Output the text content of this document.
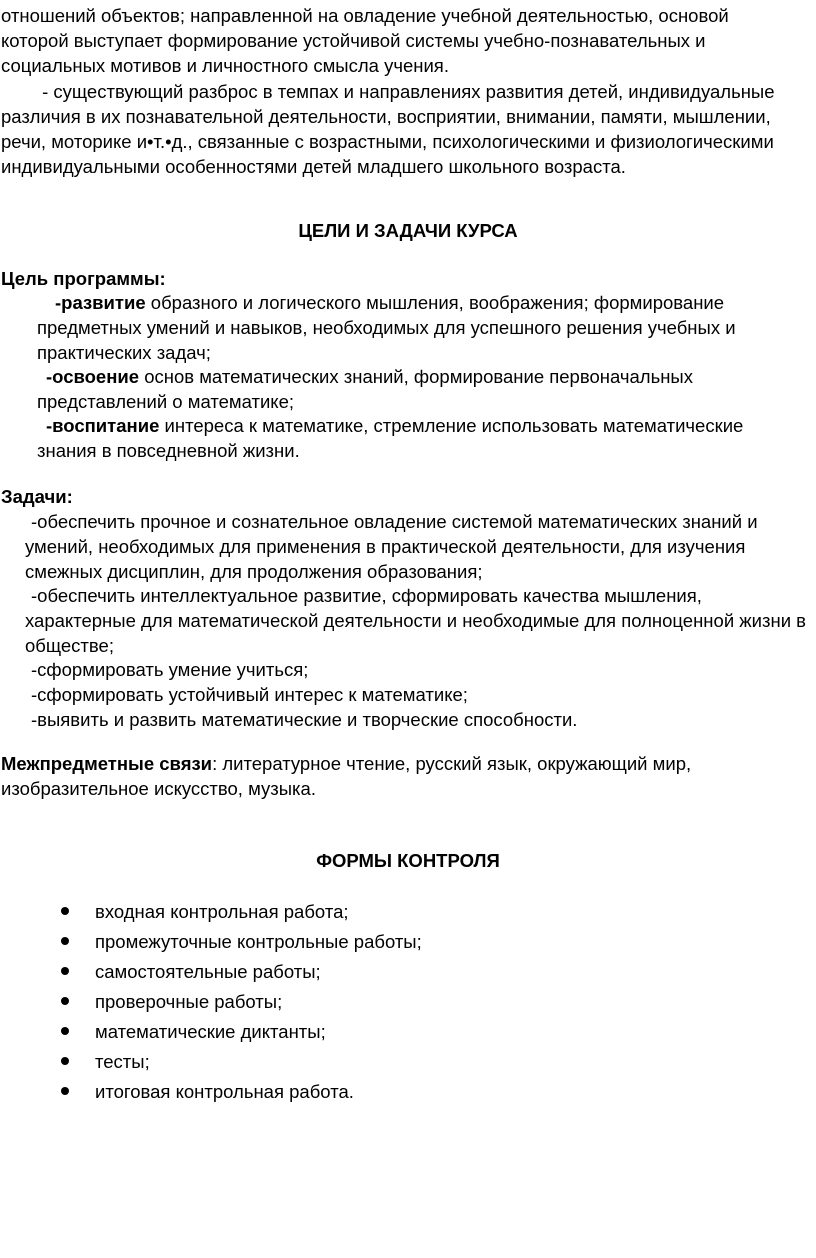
отношений объектов; направленной на овладение учебной деятельностью, основой
которой выступает формирование устойчивой системы учебно-познавательных и
социальных мотивов и личностного смысла учения.
- существующий разброс в темпах и направлениях развития детей, индивидуальные
различия в их познавательной деятельности, восприятии, внимании, памяти, мышлении,
речи, моторике и•т.•д., связанные с возрастными, психологическими и физиологическими
индивидуальными особенностями детей младшего школьного возраста.
ЦЕЛИ И ЗАДАЧИ КУРСА
Цель программы:
-развитие образного и логического мышления, воображения; формирование
предметных умений и навыков, необходимых для успешного решения учебных и
практических задач;
-освоение основ математических знаний, формирование первоначальных
представлений о математике;
-воспитание интереса к математике, стремление использовать математические
знания в повседневной жизни.
Задачи:
-обеспечить прочное и сознательное овладение системой математических знаний и
умений, необходимых для применения в практической деятельности, для изучения
смежных дисциплин, для продолжения образования;
-обеспечить интеллектуальное развитие, сформировать качества мышления,
характерные для математической деятельности и необходимые для полноценной жизни в
обществе;
-сформировать умение учиться;
-сформировать устойчивый интерес к математике;
-выявить и развить математические и творческие способности.
Межпредметные связи: литературное чтение, русский язык, окружающий мир,
изобразительное искусство, музыка.
ФОРМЫ КОНТРОЛЯ
входная контрольная работа;
промежуточные контрольные работы;
самостоятельные работы;
проверочные работы;
математические диктанты;
тесты;
итоговая контрольная работа.
